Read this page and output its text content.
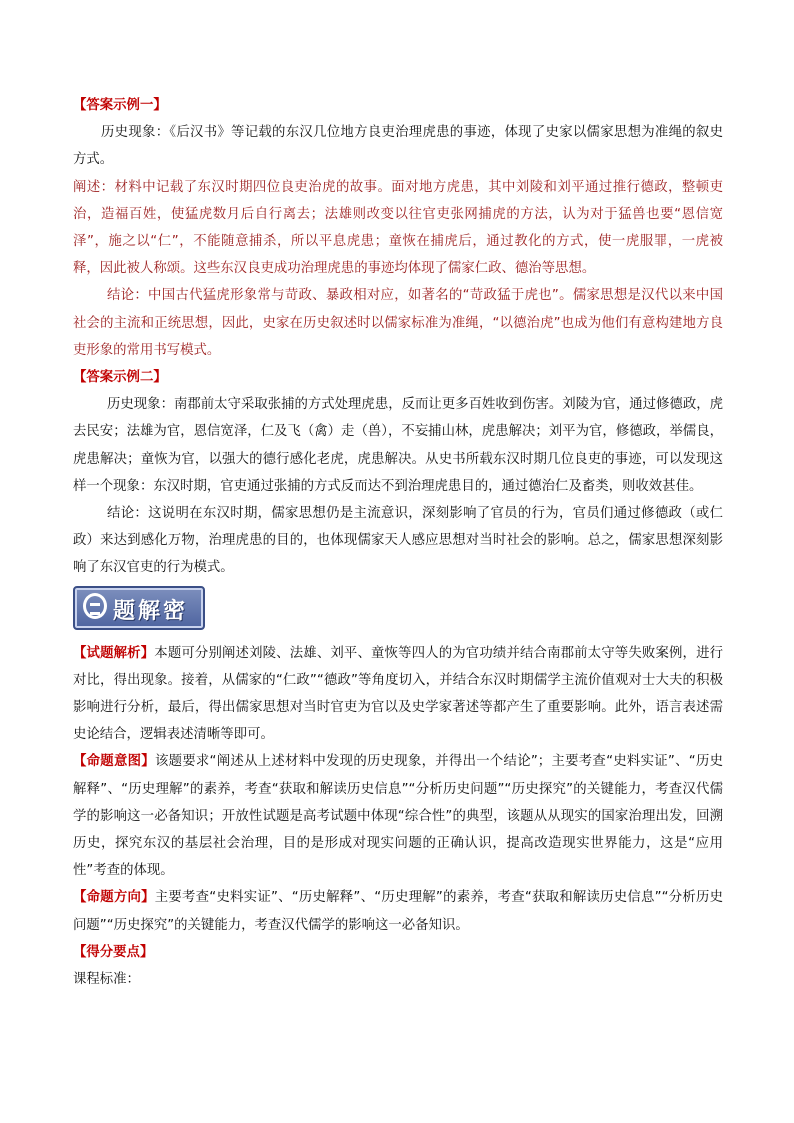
【答案示例一】

历史现象：《后汉书》等记载的东汉几位地方良吏治理虎患的事迹，体现了史家以儒家思想为准绳的叙史方式。

阐述：材料中记载了东汉时期四位良吏治虎的故事。面对地方虎患，其中刘陵和刘平通过推行德政，整顿吏治，造福百姓，使猛虎数月后自行离去；法雄则改变以往官吏张网捕虎的方法，认为对于猛兽也要“恩信宽泽”，施之以“仁”，不能随意捕杀，所以平息虎患；童恢在捕虎后，通过教化的方式，使一虎服罪，一虎被释，因此被人称颂。这些东汉良吏成功治理虎患的事迹均体现了儒家仁政、德治等思想。

结论：中国古代猛虎形象常与苛政、暴政相对应，如著名的“苛政猛于虎也”。儒家思想是汉代以来中国社会的主流和正统思想，因此，史家在历史叙述时以儒家标准为准绳，“以德治虎”也成为他们有意构建地方良吏形象的常用书写模式。

【答案示例二】

历史现象：南郡前太守采取张捕的方式处理虎患，反而让更多百姓收到伤害。刘陵为官，通过修德政，虎去民安；法雄为官，恩信宽泽，仁及飞（禽）走（兽），不妄捕山林，虎患解决；刘平为官，修德政，举儒良，虎患解决；童恢为官，以强大的德行感化老虎，虎患解决。从史书所载东汉时期几位良吏的事迹，可以发现这样一个现象：东汉时期，官吏通过张捕的方式反而达不到治理虎患目的，通过德治仁及畜类，则收效甚佳。

结论：这说明在东汉时期，儒家思想仍是主流意识，深刻影响了官员的行为，官员们通过修德政（或仁政）来达到感化万物，治理虎患的目的，也体现儒家天人感应思想对当时社会的影响。总之，儒家思想深刻影响了东汉官吏的行为模式。

题解密

【试题解析】本题可分别阐述刘陵、法雄、刘平、童恢等四人的为官功绩并结合南郡前太守等失败案例，进行对比，得出现象。接着，从儒家的“仁政”“德政”等角度切入，并结合东汉时期儒学主流价值观对士大夫的积极影响进行分析，最后，得出儒家思想对当时官吏为官以及史学家著述等都产生了重要影响。此外，语言表述需史论结合，逻辑表述清晰等即可。

【命题意图】该题要求“阐述从上述材料中发现的历史现象，并得出一个结论”；主要考查“史料实证”、“历史解释”、“历史理解”的素养，考查“获取和解读历史信息”“分析历史问题”“历史探究”的关键能力，考查汉代儒学的影响这一必备知识；开放性试题是高考试题中体现“综合性”的典型，该题从从现实的国家治理出发，回溯历史，探究东汉的基层社会治理，目的是形成对现实问题的正确认识，提高改造现实世界能力，这是“应用性”考查的体现。

【命题方向】主要考查“史料实证”、“历史解释”、“历史理解”的素养，考查“获取和解读历史信息”“分析历史问题”“历史探究”的关键能力，考查汉代儒学的影响这一必备知识。

【得分要点】

课程标准：
